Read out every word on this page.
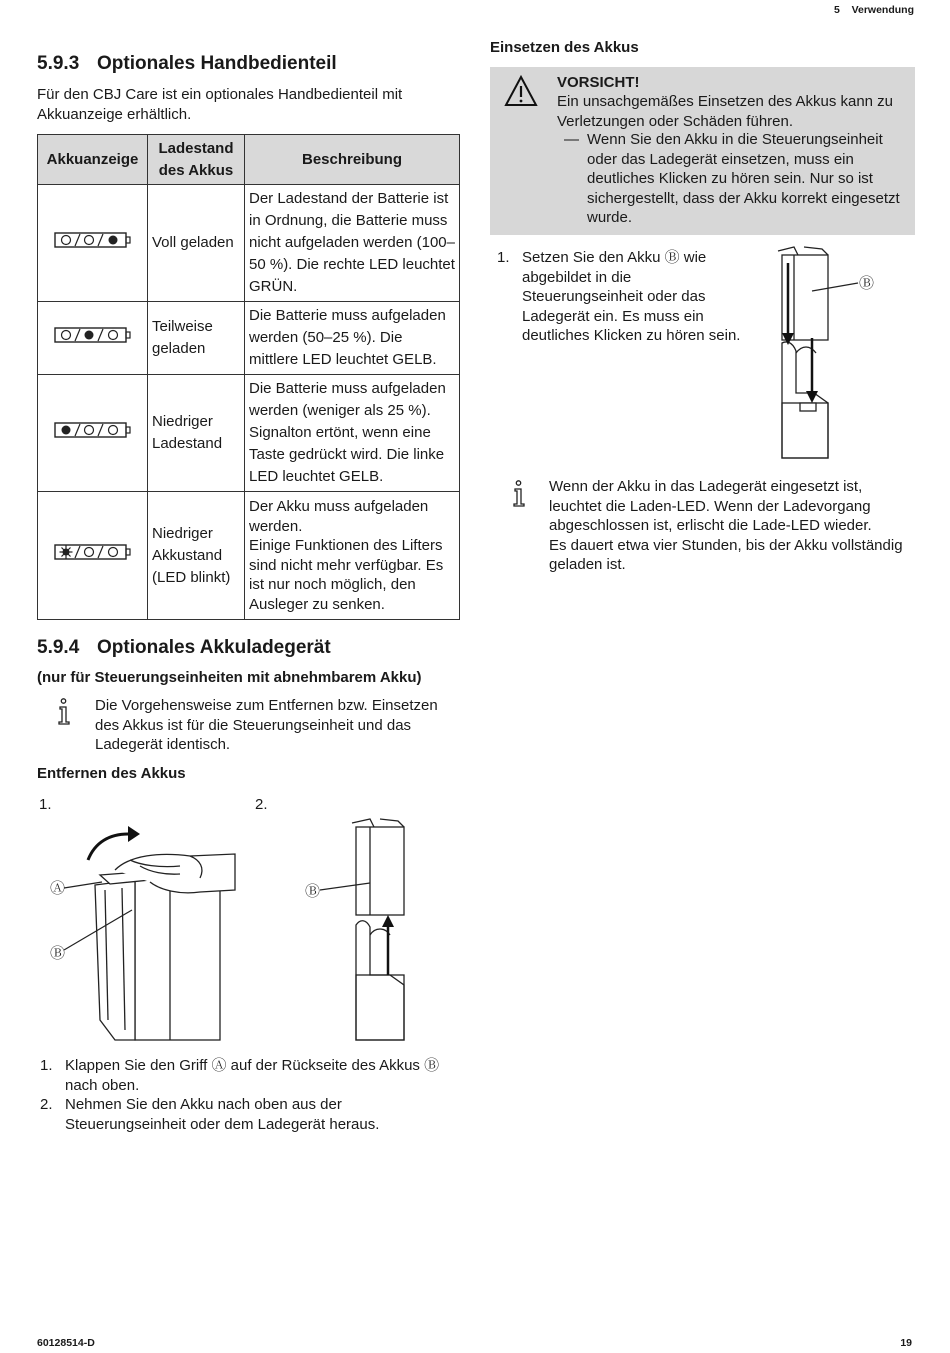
5 Verwendung
5.9.3 Optionales Handbedienteil
Für den CBJ Care ist ein optionales Handbedienteil mit Akkuanzeige erhältlich.
Akkuanzeige	Ladestand des Akkus	Beschreibung
	Voll geladen	Der Ladestand der Batterie ist in Ordnung, die Batterie muss nicht aufgeladen werden (100–50 %). Die rechte LED leuchtet GRÜN.
	Teilweise geladen	Die Batterie muss aufgeladen werden (50–25 %). Die mittlere LED leuchtet GELB.
	Niedriger Ladestand	Die Batterie muss aufgeladen werden (weniger als 25 %). Signalton ertönt, wenn eine Taste gedrückt wird. Die linke LED leuchtet GELB.
	Niedriger Akkustand (LED blinkt)	Der Akku muss aufgeladen werden.
Einige Funktionen des Lifters sind nicht mehr verfügbar. Es ist nur noch möglich, den Ausleger zu senken.
5.9.4 Optionales Akkuladegerät
(nur für Steuerungseinheiten mit abnehmbarem Akku)
Die Vorgehensweise zum Entfernen bzw. Einsetzen des Akkus ist für die Steuerungseinheit und das Ladegerät identisch.
Entfernen des Akkus
1.	2.
Ⓐ
Ⓑ
Ⓑ
1. Klappen Sie den Griff Ⓐ auf der Rückseite des Akkus Ⓑ nach oben.
2. Nehmen Sie den Akku nach oben aus der Steuerungseinheit oder dem Ladegerät heraus.
Einsetzen des Akkus
VORSICHT!
Ein unsachgemäßes Einsetzen des Akkus kann zu Verletzungen oder Schäden führen.
— Wenn Sie den Akku in die Steuerungseinheit oder das Ladegerät einsetzen, muss ein deutliches Klicken zu hören sein. Nur so ist sichergestellt, dass der Akku korrekt eingesetzt wurde.
1. Setzen Sie den Akku Ⓑ wie abgebildet in die Steuerungseinheit oder das Ladegerät ein. Es muss ein deutliches Klicken zu hören sein.
Ⓑ
Wenn der Akku in das Ladegerät eingesetzt ist, leuchtet die Laden-LED. Wenn der Ladevorgang abgeschlossen ist, erlischt die Lade-LED wieder.
Es dauert etwa vier Stunden, bis der Akku vollständig geladen ist.
60128514-D	19
